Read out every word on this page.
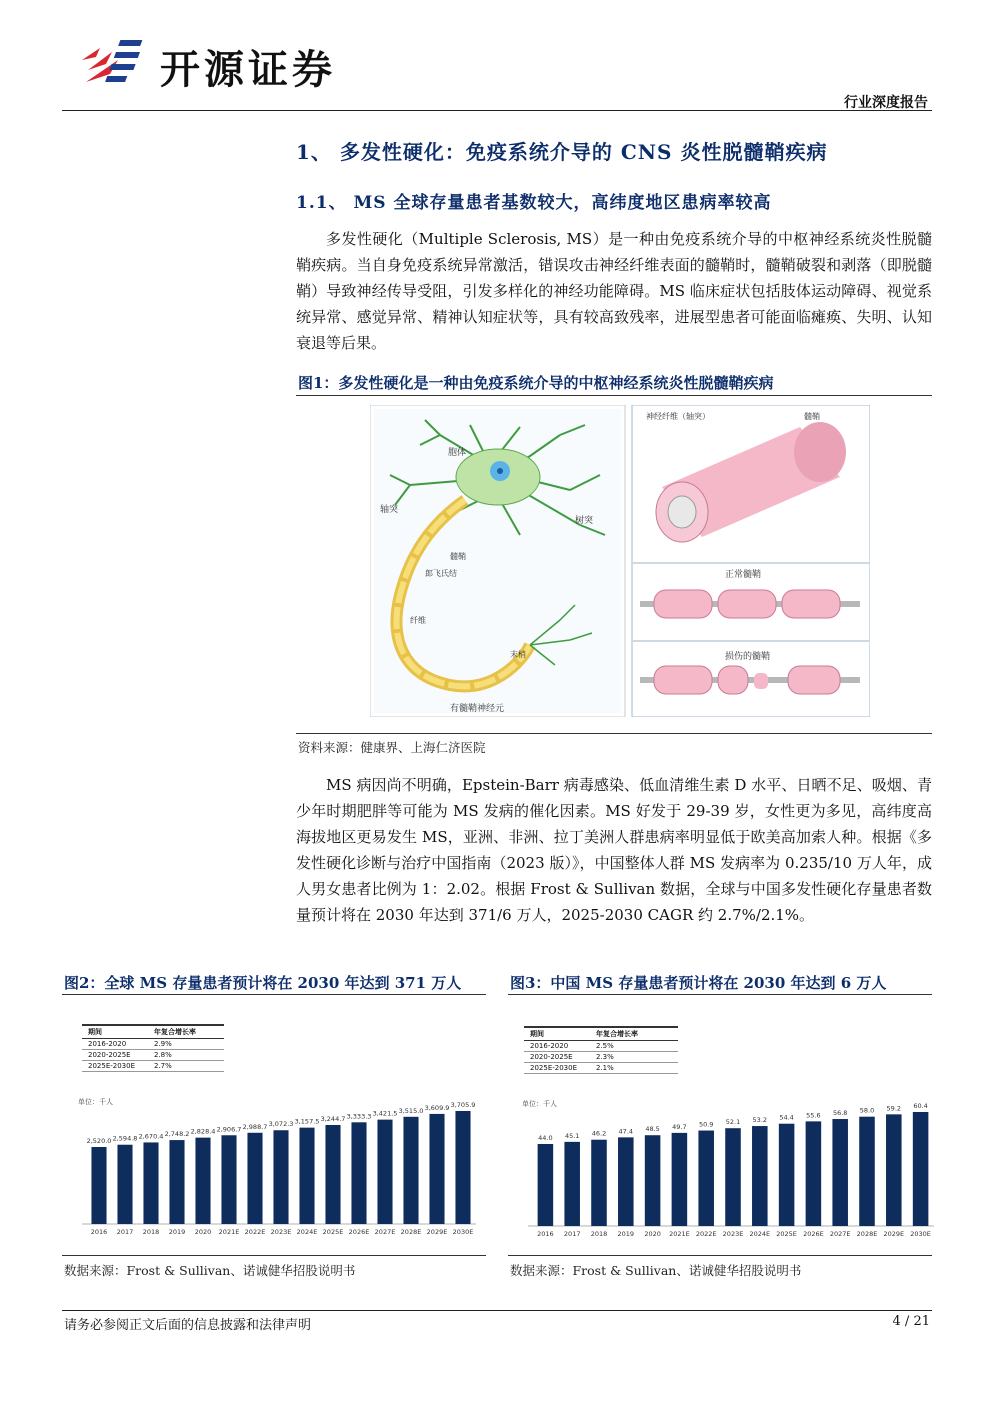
开源证券
行业深度报告
1、 多发性硬化：免疫系统介导的 CNS 炎性脱髓鞘疾病
1.1、 MS 全球存量患者基数较大，高纬度地区患病率较高

多发性硬化（Multiple Sclerosis, MS）是一种由免疫系统介导的中枢神经系统炎性脱髓鞘疾病。当自身免疫系统异常激活，错误攻击神经纤维表面的髓鞘时，髓鞘破裂和剥落（即脱髓鞘）导致神经传导受阻，引发多样化的神经功能障碍。MS 临床症状包括肢体运动障碍、视觉系统异常、感觉异常、精神认知症状等，具有较高致残率，进展型患者可能面临瘫痪、失明、认知衰退等后果。

图1：多发性硬化是一种由免疫系统介导的中枢神经系统炎性脱髓鞘疾病
胞体
轴突
树突
髓鞘
郎飞氏结
纤维
末梢
有髓鞘神经元
神经纤维（轴突）	髓鞘
正常髓鞘
损伤的髓鞘
资料来源：健康界、上海仁济医院

MS 病因尚不明确，Epstein-Barr 病毒感染、低血清维生素 D 水平、日晒不足、吸烟、青少年时期肥胖等可能为 MS 发病的催化因素。MS 好发于 29-39 岁，女性更为多见，高纬度高海拔地区更易发生 MS，亚洲、非洲、拉丁美洲人群患病率明显低于欧美高加索人种。根据《多发性硬化诊断与治疗中国指南（2023 版）》，中国整体人群 MS 发病率为 0.235/10 万人年，成人男女患者比例为 1：2.02。根据 Frost & Sullivan 数据，全球与中国多发性硬化存量患者数量预计将在 2030 年达到 371/6 万人，2025-2030 CAGR 约 2.7%/2.1%。

图2：全球 MS 存量患者预计将在 2030 年达到 371 万人	图3：中国 MS 存量患者预计将在 2030 年达到 6 万人
期间	年复合增长率
2016-2020	2.9%
2020-2025E	2.8%
2025E-2030E	2.7%
期间	年复合增长率
2016-2020	2.5%
2020-2025E	2.3%
2025E-2030E	2.1%
单位：千人
2,520.0
2016
2,594.8
2017
2,670.4
2018
2,748.2
2019
2,828.4
2020
2,906.7
2021E
2,988.7
2022E
3,072.3
2023E
3,157.5
2024E
3,244.7
2025E
3,333.3
2026E
3,421.5
2027E
3,515.0
2028E
3,609.9
2029E
3,705.9
2030E
单位：千人
44.0
2016
45.1
2017
46.2
2018
47.4
2019
48.5
2020
49.7
2021E
50.9
2022E
52.1
2023E
53.2
2024E
54.4
2025E
55.6
2026E
56.8
2027E
58.0
2028E
59.2
2029E
60.4
2030E
数据来源：Frost & Sullivan、诺诚健华招股说明书	数据来源：Frost & Sullivan、诺诚健华招股说明书
请务必参阅正文后面的信息披露和法律声明	4 / 21
